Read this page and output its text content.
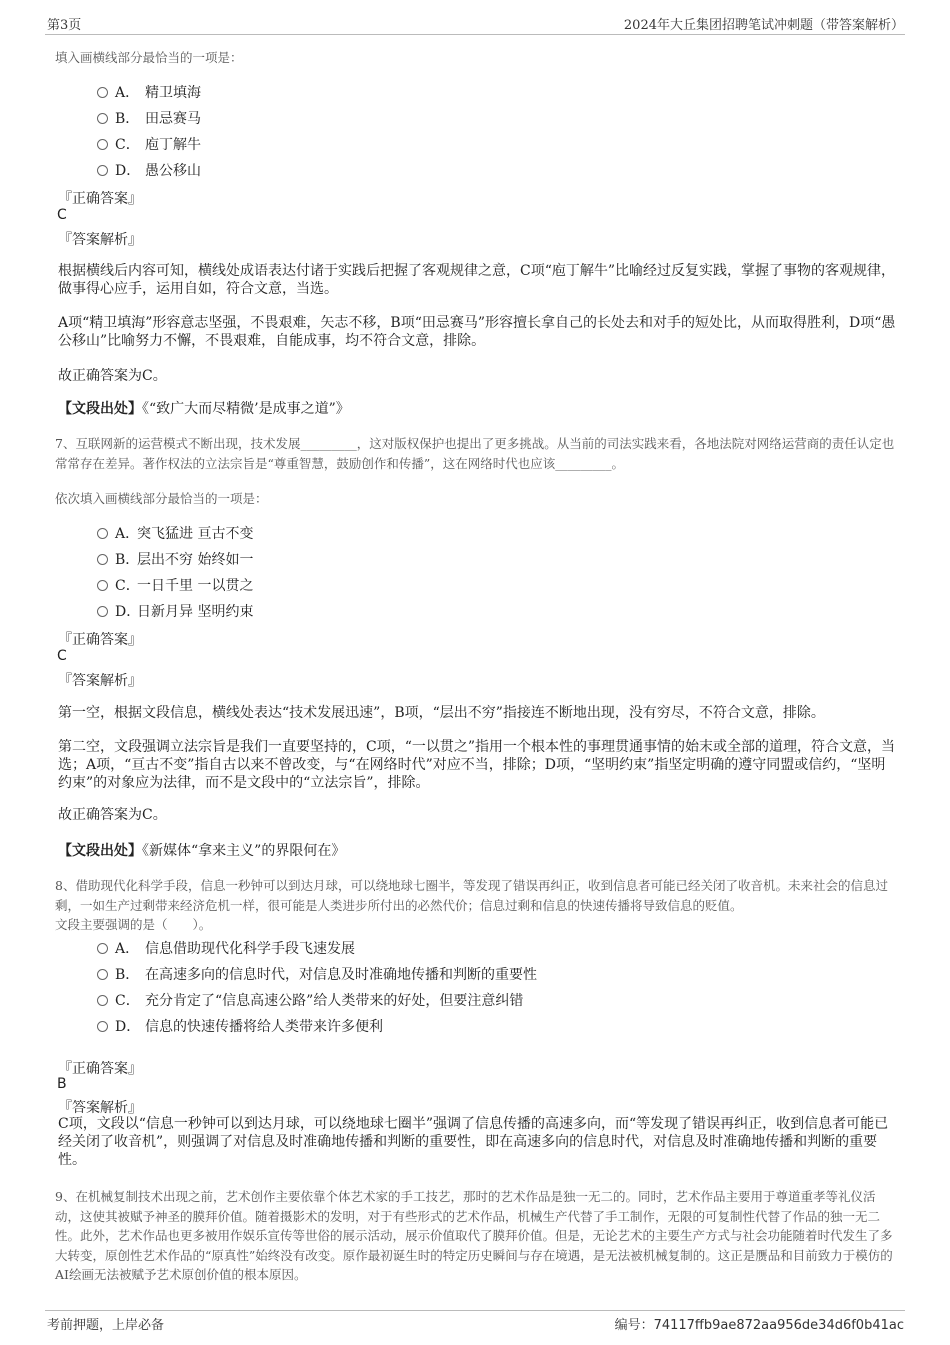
第3页	2024年大丘集团招聘笔试冲刺题（带答案解析）
填入画横线部分最恰当的一项是：
A． 精卫填海
B． 田忌赛马
C． 庖丁解牛
D． 愚公移山
『正确答案』
C
『答案解析』
根据横线后内容可知，横线处成语表达付诸于实践后把握了客观规律之意，C项“庖丁解牛”比喻经过反复实践，掌握了事物的客观规律，做事得心应手，运用自如，符合文意，当选。
A项“精卫填海”形容意志坚强，不畏艰难，矢志不移，B项“田忌赛马”形容擅长拿自己的长处去和对手的短处比，从而取得胜利，D项“愚公移山”比喻努力不懈，不畏艰难，自能成事，均不符合文意，排除。
故正确答案为C。
【文段出处】《“致广大而尽精微’是成事之道”》
7、互联网新的运营模式不断出现，技术发展_________，这对版权保护也提出了更多挑战。从当前的司法实践来看，各地法院对网络运营商的责任认定也常常存在差异。著作权法的立法宗旨是“尊重智慧，鼓励创作和传播”，这在网络时代也应该_________。
依次填入画横线部分最恰当的一项是：
A．
突飞猛进 亘古不变
B．
层出不穷 始终如一
C．
一日千里 一以贯之
D．
日新月异 坚明约束
『正确答案』
C
『答案解析』
第一空，根据文段信息，横线处表达“技术发展迅速”，B项，“层出不穷”指接连不断地出现，没有穷尽，不符合文意，排除。
第二空，文段强调立法宗旨是我们一直要坚持的，C项，“一以贯之”指用一个根本性的事理贯通事情的始末或全部的道理，符合文意，当选；A项，“亘古不变”指自古以来不曾改变，与“在网络时代”对应不当，排除；D项，“坚明约束”指坚定明确的遵守同盟或信约，“坚明约束”的对象应为法律，而不是文段中的“立法宗旨”，排除。
故正确答案为C。
【文段出处】《新媒体“拿来主义”的界限何在》
8、借助现代化科学手段，信息一秒钟可以到达月球，可以绕地球七圈半，等发现了错误再纠正，收到信息者可能已经关闭了收音机。未来社会的信息过剩，一如生产过剩带来经济危机一样，很可能是人类进步所付出的必然代价；信息过剩和信息的快速传播将导致信息的贬值。
文段主要强调的是（　　）。
A． 信息借助现代化科学手段飞速发展
B． 在高速多向的信息时代，对信息及时准确地传播和判断的重要性
C． 充分肯定了“信息高速公路”给人类带来的好处，但要注意纠错
D． 信息的快速传播将给人类带来许多便利
『正确答案』
B
『答案解析』
C项，文段以“信息一秒钟可以到达月球，可以绕地球七圈半”强调了信息传播的高速多向，而“等发现了错误再纠正，收到信息者可能已经关闭了收音机”，则强调了对信息及时准确地传播和判断的重要性，即在高速多向的信息时代，对信息及时准确地传播和判断的重要性。
9、在机械复制技术出现之前，艺术创作主要依靠个体艺术家的手工技艺，那时的艺术作品是独一无二的。同时，艺术作品主要用于尊道重孝等礼仪活动，这使其被赋予神圣的膜拜价值。随着摄影术的发明，对于有些形式的艺术作品，机械生产代替了手工制作，无限的可复制性代替了作品的独一无二性。此外，艺术作品也更多被用作娱乐宣传等世俗的展示活动，展示价值取代了膜拜价值。但是，无论艺术的主要生产方式与社会功能随着时代发生了多大转变，原创性艺术作品的“原真性”始终没有改变。原作最初诞生时的特定历史瞬间与存在境遇，是无法被机械复制的。这正是赝品和目前致力于模仿的AI绘画无法被赋予艺术原创价值的根本原因。
考前押题，上岸必备	编号：74117ffb9ae872aa956de34d6f0b41ac
